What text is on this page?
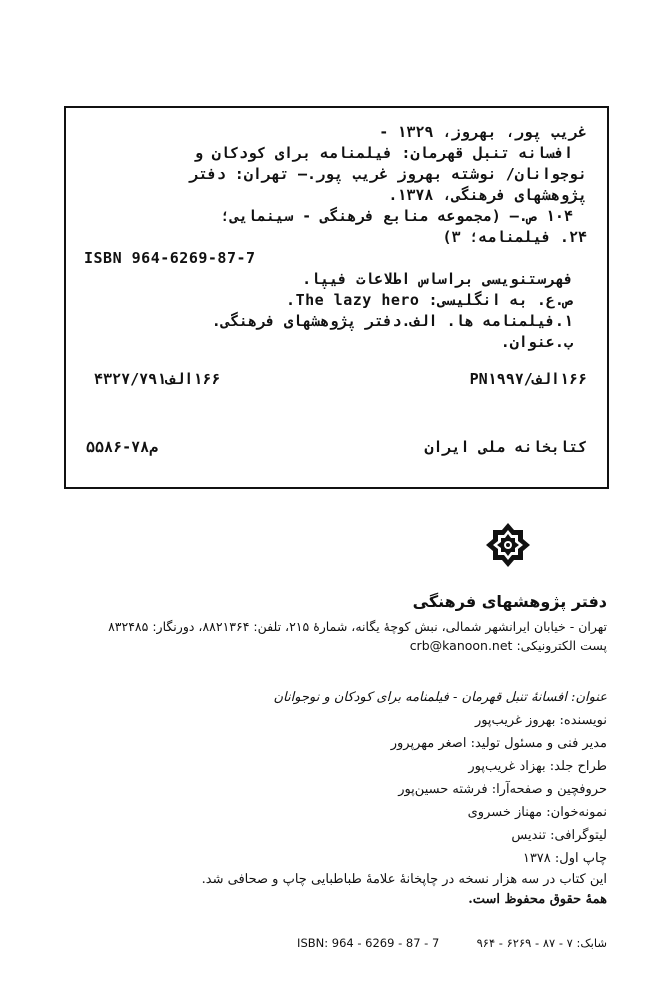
غریب پور، بهروز، ۱۳۲۹ -
افسانه تنبل قهرمان: فیلمنامه برای کودکان و
نوجوانان/ نوشته بهروز غریب پور.— تهران: دفتر
پژوهشهای فرهنگی، ۱۳۷۸.
۱۰۴ ص.— (مجموعه منابع فرهنگی - سینمایی؛
۲۴. فیلمنامه؛ ۳)
ISBN 964-6269-87-7
فهرستنویسی براساس اطلاعات فیپا.
ص.ع. به انگلیسی: The lazy hero.
۱.فیلمنامه ها. الف.دفتر پژوهشهای فرهنگی.
ب.عنوان.
۱۶۶الف/PN۱۹۹۷
۱۶۶الف۴۳۲۷/۷۹۱
کتابخانه ملی ایران
م۷۸-۵۵۸۶
دفتر پژوهشهای فرهنگی
تهران - خیابان ایرانشهر شمالی، نبش کوچهٔ یگانه، شمارهٔ ۲۱۵، تلفن: ۸۸۲۱۳۶۴، دورنگار: ۸۳۲۴۸۵
پست الکترونیکی: crb@kanoon.net
عنوان: افسانهٔ تنبل قهرمان - فیلمنامه برای کودکان و نوجوانان
نویسنده: بهروز غریب‌پور
مدیر فنی و مسئول تولید: اصغر مهرپرور
طراح جلد: بهزاد غریب‌پور
حروفچین و صفحه‌آرا: فرشته حسین‌پور
نمونه‌خوان: مهناز خسروی
لیتوگرافی: تندیس
چاپ اول: ۱۳۷۸
این کتاب در سه هزار نسخه در چاپخانهٔ علامهٔ طباطبایی چاپ و صحافی شد.
همهٔ حقوق محفوظ است.
شابک: ۷ - ۸۷ - ۶۲۶۹ - ۹۶۴  ISBN: 964 - 6269 - 87 - 7
